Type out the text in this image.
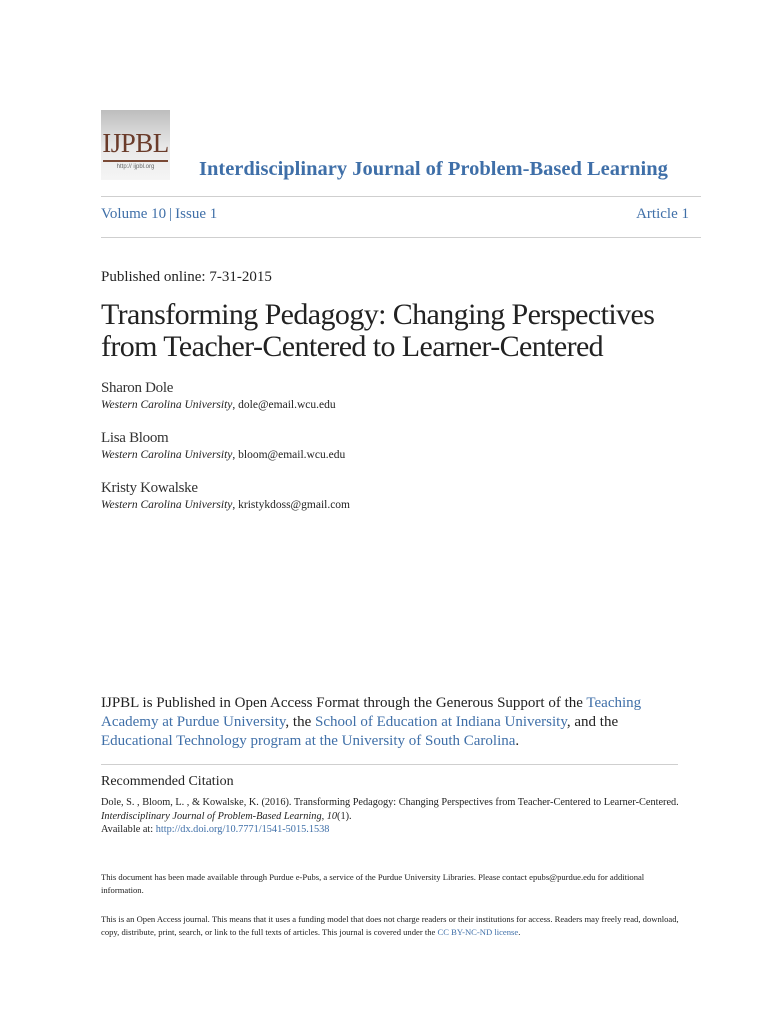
IJPBL
http:// ijpbl.org	Interdisciplinary Journal of Problem-Based Learning
Volume 10 | Issue 1	Article 1
Published online: 7-31-2015
Transforming Pedagogy: Changing Perspectives
from Teacher-Centered to Learner-Centered
Sharon Dole
Western Carolina University, dole@email.wcu.edu
Lisa Bloom
Western Carolina University, bloom@email.wcu.edu
Kristy Kowalske
Western Carolina University, kristykdoss@gmail.com
IJPBL is Published in Open Access Format through the Generous Support of the Teaching Academy at Purdue University, the School of Education at Indiana University, and the Educational Technology program at the University of South Carolina.
Recommended Citation
Dole, S. , Bloom, L. , & Kowalske, K. (2016). Transforming Pedagogy: Changing Perspectives from Teacher-Centered to Learner-Centered. Interdisciplinary Journal of Problem-Based Learning, 10(1).
Available at: http://dx.doi.org/10.7771/1541-5015.1538
This document has been made available through Purdue e-Pubs, a service of the Purdue University Libraries. Please contact epubs@purdue.edu for additional information.
This is an Open Access journal. This means that it uses a funding model that does not charge readers or their institutions for access. Readers may freely read, download, copy, distribute, print, search, or link to the full texts of articles. This journal is covered under the CC BY-NC-ND license.
